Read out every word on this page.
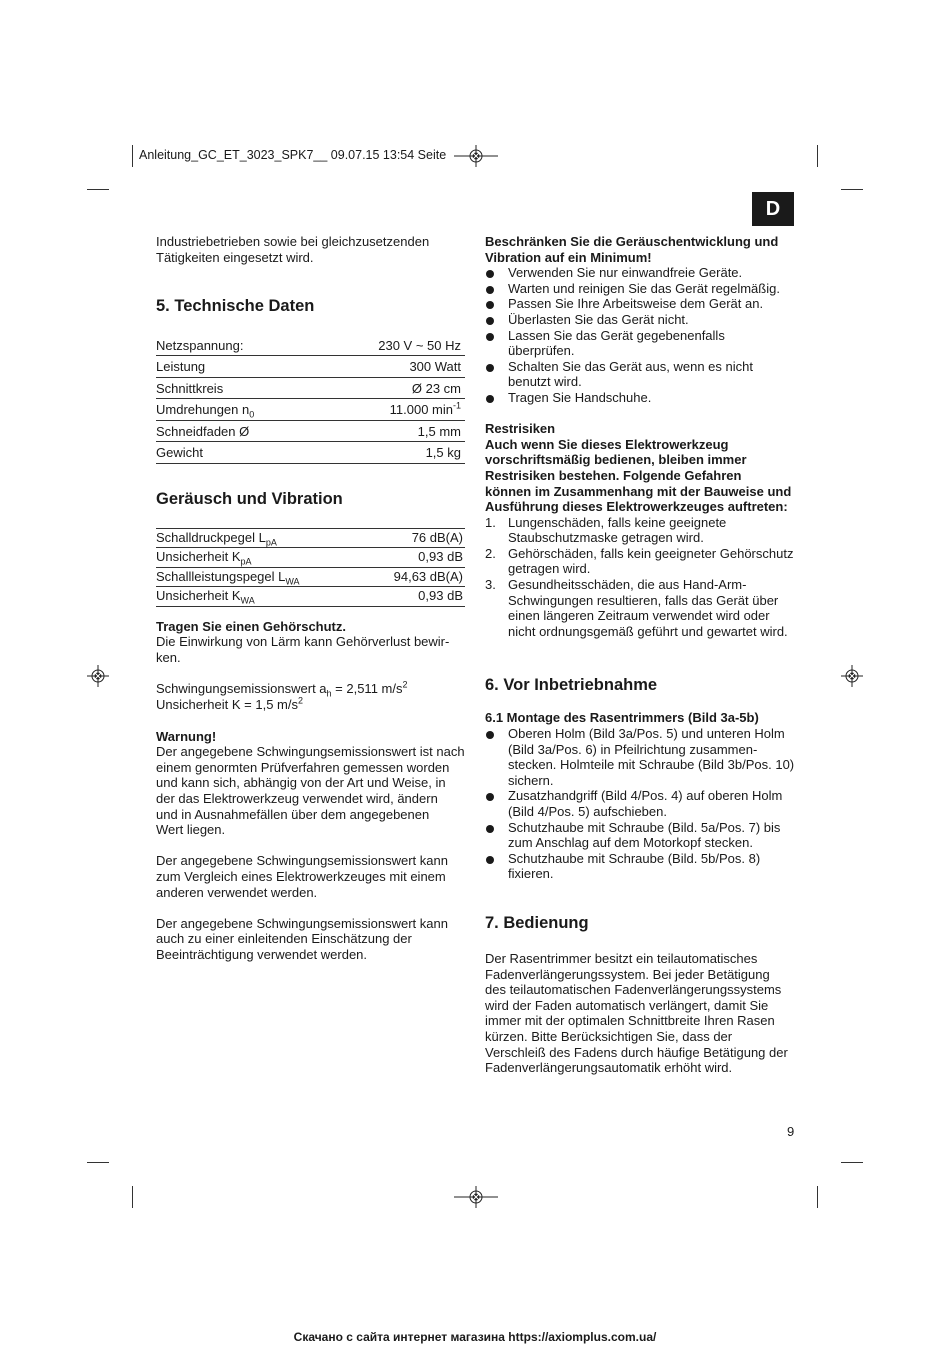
Anleitung_GC_ET_3023_SPK7__ 09.07.15 13:54 Seite
D

Industriebetrieben sowie bei gleichzusetzenden Tätigkeiten eingesetzt wird.

5. Technische Daten
Netzspannung:	230 V ~ 50 Hz
Leistung	300 Watt
Schnittkreis	Ø 23 cm
Umdrehungen $n_0$	11.000 $\min^{-1}$
Schneidfaden Ø	1,5 mm
Gewicht	1,5 kg
Geräusch und Vibration
Schalldruckpegel $L_{pA}$	76 dB(A)
Unsicherheit $K_{pA}$	0,93 dB
Schallleistungspegel $L_{WA}$	94,63 dB(A)
Unsicherheit $K_{WA}$	0,93 dB

Tragen Sie einen Gehörschutz.

Die Einwirkung von Lärm kann Gehörverlust bewir-

ken.

Schwingungsemissionswert $a_h = 2,511$ $m/s^2$

Unsicherheit K = 1,5 $m/s^2$

Warnung!

Der angegebene Schwingungsemissionswert ist nach

einem genormten Prüfverfahren gemessen worden

und kann sich, abhängig von der Art und Weise, in

der das Elektrowerkzeug verwendet wird, ändern

und in Ausnahmefällen über dem angegebenen

Wert liegen.

Der angegebene Schwingungsemissionswert kann

zum Vergleich eines Elektrowerkzeuges mit einem

anderen verwendet werden.

Der angegebene Schwingungsemissionswert kann

auch zu einer einleitenden Einschätzung der

Beeinträchtigung verwendet werden.

Beschränken Sie die Geräuschentwicklung und

Vibration auf ein Minimum!

Verwenden Sie nur einwandfreie Geräte.

Warten und reinigen Sie das Gerät regelmäßig.

Passen Sie Ihre Arbeitsweise dem Gerät an.

Überlasten Sie das Gerät nicht.

Lassen Sie das Gerät gegebenenfalls

überprüfen.

Schalten Sie das Gerät aus, wenn es nicht

benutzt wird.

Tragen Sie Handschuhe.

Restrisiken

Auch wenn Sie dieses Elektrowerkzeug

vorschriftsmäßig bedienen, bleiben immer

Restrisiken bestehen. Folgende Gefahren

können im Zusammenhang mit der Bauweise und

Ausführung dieses Elektrowerkzeuges auftreten:

1. Lungenschäden, falls keine geeignete

Staubschutzmaske getragen wird.

2. Gehörschäden, falls kein geeigneter Gehörschutz

getragen wird.

3. Gesundheitsschäden, die aus Hand-Arm-

Schwingungen resultieren, falls das Gerät über

einen längeren Zeitraum verwendet wird oder

nicht ordnungsgemäß geführt und gewartet wird.

6. Vor Inbetriebnahme

6.1 Montage des Rasentrimmers (Bild 3a-5b)

Oberen Holm (Bild 3a/Pos. 5) und unteren Holm

(Bild 3a/Pos. 6) in Pfeilrichtung zusammen-

stecken. Holmteile mit Schraube (Bild 3b/Pos. 10)

sichern.

Zusatzhandgriff (Bild 4/Pos. 4) auf oberen Holm

(Bild 4/Pos. 5) aufschieben.

Schutzhaube mit Schraube (Bild. 5a/Pos. 7) bis

zum Anschlag auf dem Motorkopf stecken.

Schutzhaube mit Schraube (Bild. 5b/Pos. 8)

fixieren.

7. Bedienung

Der Rasentrimmer besitzt ein teilautomatisches

Fadenverlängerungssystem. Bei jeder Betätigung

des teilautomatischen Fadenverlängerungssystems

wird der Faden automatisch verlängert, damit Sie

immer mit der optimalen Schnittbreite Ihren Rasen

kürzen. Bitte Berücksichtigen Sie, dass der

Verschleiß des Fadens durch häufige Betätigung der

Fadenverlängerungsautomatik erhöht wird.

9
Скачано с сайта интернет магазина https://axiomplus.com.ua/
